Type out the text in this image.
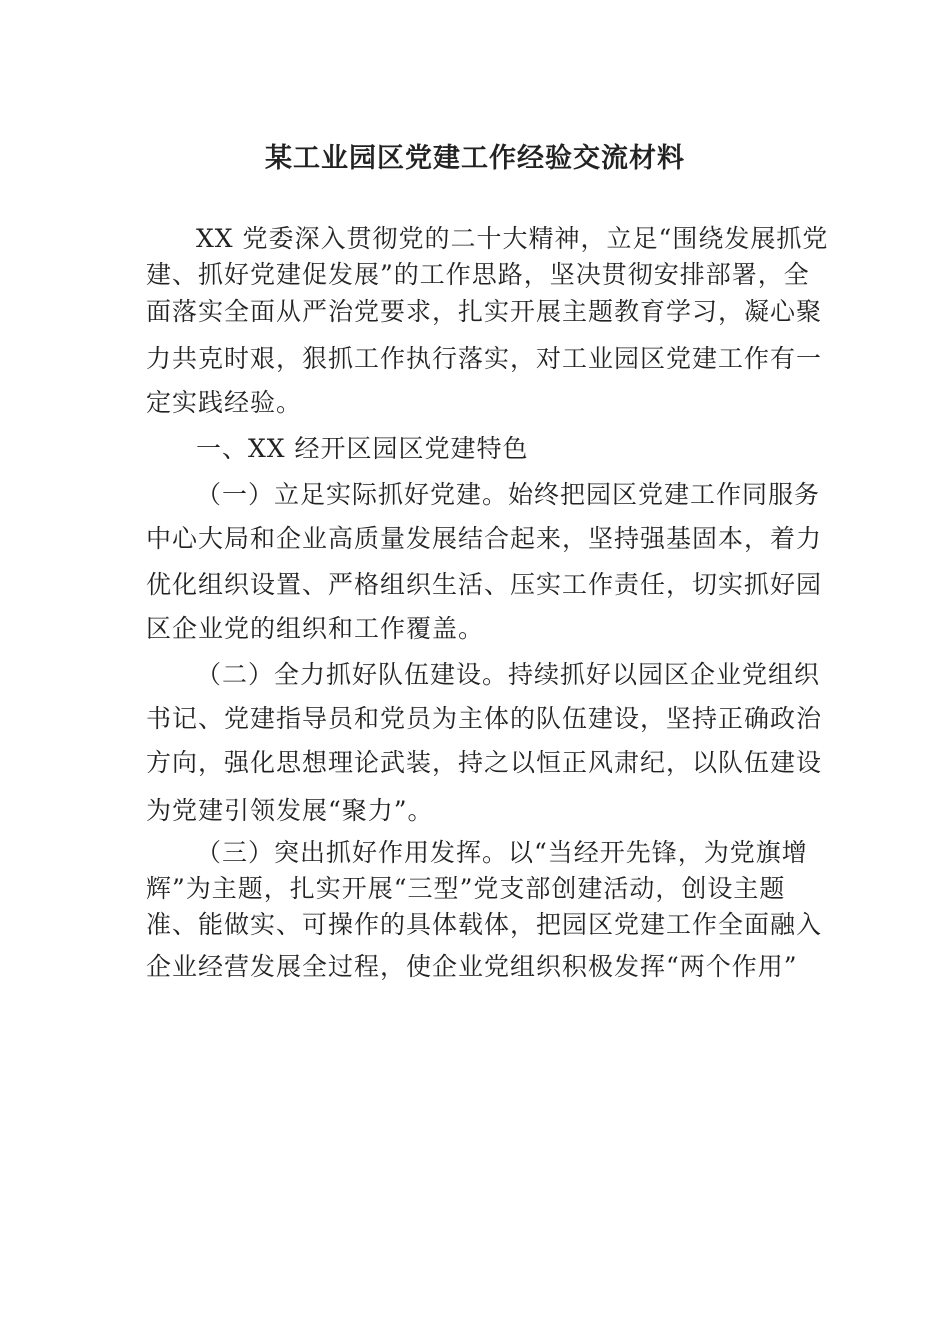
某工业园区党建工作经验交流材料
XX 党委深入贯彻党的二十大精神，立足“围绕发展抓党
建、抓好党建促发展”的工作思路，坚决贯彻安排部署，全
面落实全面从严治党要求，扎实开展主题教育学习，凝心聚
力共克时艰，狠抓工作执行落实，对工业园区党建工作有一
定实践经验。
一、XX 经开区园区党建特色
（一）立足实际抓好党建。始终把园区党建工作同服务
中心大局和企业高质量发展结合起来，坚持强基固本，着力
优化组织设置、严格组织生活、压实工作责任，切实抓好园
区企业党的组织和工作覆盖。
（二）全力抓好队伍建设。持续抓好以园区企业党组织
书记、党建指导员和党员为主体的队伍建设，坚持正确政治
方向，强化思想理论武装，持之以恒正风肃纪，以队伍建设
为党建引领发展“聚力”。
（三）突出抓好作用发挥。以“当经开先锋，为党旗增
辉”为主题，扎实开展“三型”党支部创建活动，创设主题
准、能做实、可操作的具体载体，把园区党建工作全面融入
企业经营发展全过程，使企业党组织积极发挥“两个作用”
